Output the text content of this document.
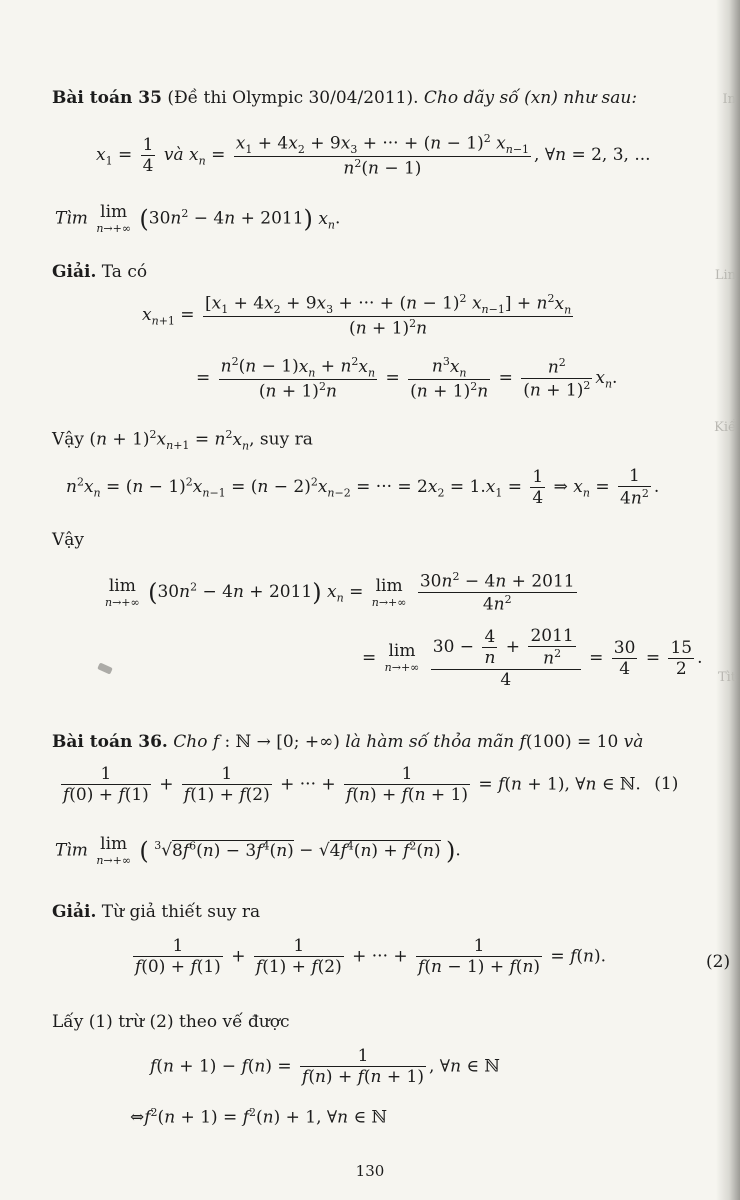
In
Lin
Kiể
Tìt
Bài toán 35 (Đề thi Olympic 30/04/2011). Cho dãy số (xn) như sau:
$x_1 = \frac{1}{4}$ và $x_n = \frac{x_1 + 4x_2 + 9x_3 + \cdot\cdot\cdot + (n - 1)^2 x_{n-1}}{n^2(n - 1)}$ , ∀n = 2, 3, ...
Tìm lim
n→+∞ $(30n^2 - 4n + 2011)$ $x_n$.
Giải. Ta có
$x_{n+1} = \frac{[x_1 + 4x_2 + 9x_3 + \cdot\cdot\cdot + (n - 1)^2 x_{n-1}] + n^2x_n}{(n + 1)^2n}$
= $\frac{n^2(n - 1)x_n + n^2x_n}{(n + 1)^2n} = \frac{n^3x_n}{(n + 1)^2n} = \frac{n^2}{(n + 1)^2} x_n$.
Vậy $(n + 1)^2x_{n+1} = n^2x_n$, suy ra
$n^2x_n = (n - 1)^2x_{n-1} = (n - 2)^2x_{n-2}$ = ··· = $2x_2 = 1.x_1 = \frac{1}{4}$ ⇒ $x_n = \frac{1}{4n^2}$ .
Vậy
lim
n→+∞ $(30n^2 - 4n + 2011) x_n = \lim$
n→+∞
$\frac{30n^2 - 4n + 2011}{4n^2}$
= lim
n→+∞
$\frac{30 - \frac{4}{n} + \frac{2011}{n^2}}{4} = \frac{30}{4} = \frac{15}{2}$ .
Bài toán 36. Cho f : ℕ → [0; +∞) là hàm số thỏa mãn f(100) = 10 và
$\frac{1}{f(0) + f(1)} + \frac{1}{f(1) + f(2)}$ + ··· + $\frac{1}{f(n) + f(n + 1)} = f(n + 1)$, ∀n ∈ ℕ. (1)
Tìm lim
n→+∞ ( $^3√8f^6(n) - 3f^4(n) - √4f^4(n) + f^2(n)$ ).
Giải. Từ giả thiết suy ra
$\frac{1}{f(0) + f(1)} + \frac{1}{f(1) + f(2)}$ + ··· + $\frac{1}{f(n - 1) + f(n)} = f(n)$.	(2)
Lấy (1) trừ (2) theo vế được
$f(n + 1) - f(n) = \frac{1}{f(n) + f(n + 1)}$ , ∀n ∈ ℕ
$\Leftrightarrow f^2(n + 1) = f^2(n) + 1$, ∀n ∈ ℕ
130
